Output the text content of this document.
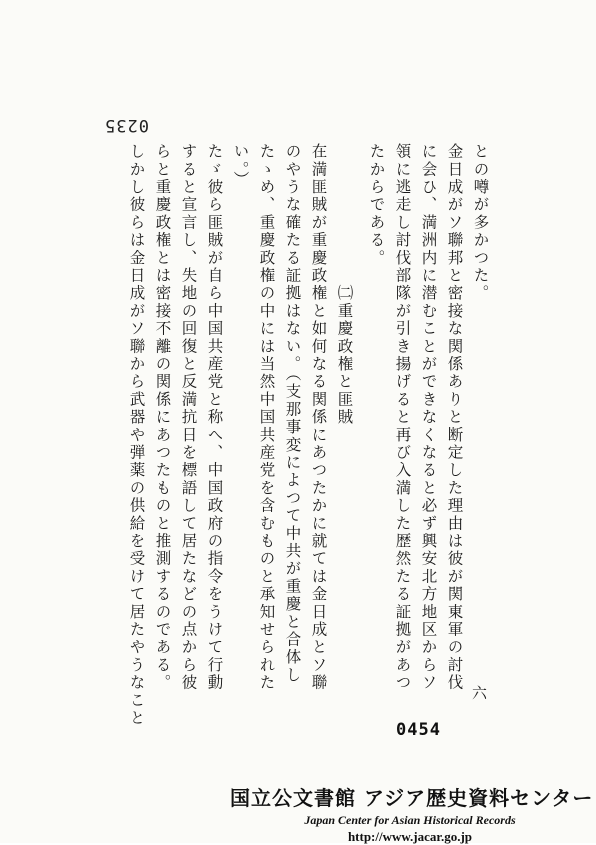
0235
との噂が多かつた。
金日成がソ聯邦と密接な関係ありと断定した理由は彼が関東軍の討伐
に会ひ、満洲内に潜むことができなくなると必ず興安北方地区からソ
領に逃走し討伐部隊が引き揚げると再び入満した歴然たる証拠があつ
たからである。
　　　　　　　　㈡重慶政権と匪賊
在満匪賊が重慶政権と如何なる関係にあつたかに就ては金日成とソ聯
のやうな確たる証拠はない。（支那事変によつて中共が重慶と合体し
たゝめ、重慶政権の中には当然中国共産党を含むものと承知せられた
い。）
たゞ彼ら匪賊が自ら中国共産党と称へ、中国政府の指令をうけて行動
すると宣言し、失地の回復と反満抗日を標語して居たなどの点から彼
らと重慶政権とは密接不離の関係にあつたものと推測するのである。
しかし彼らは金日成がソ聯から武器や弾薬の供給を受けて居たやうなこと	六
0454
国立公文書館 アジア歴史資料センター
Japan Center for Asian Historical Records
http://www.jacar.go.jp
